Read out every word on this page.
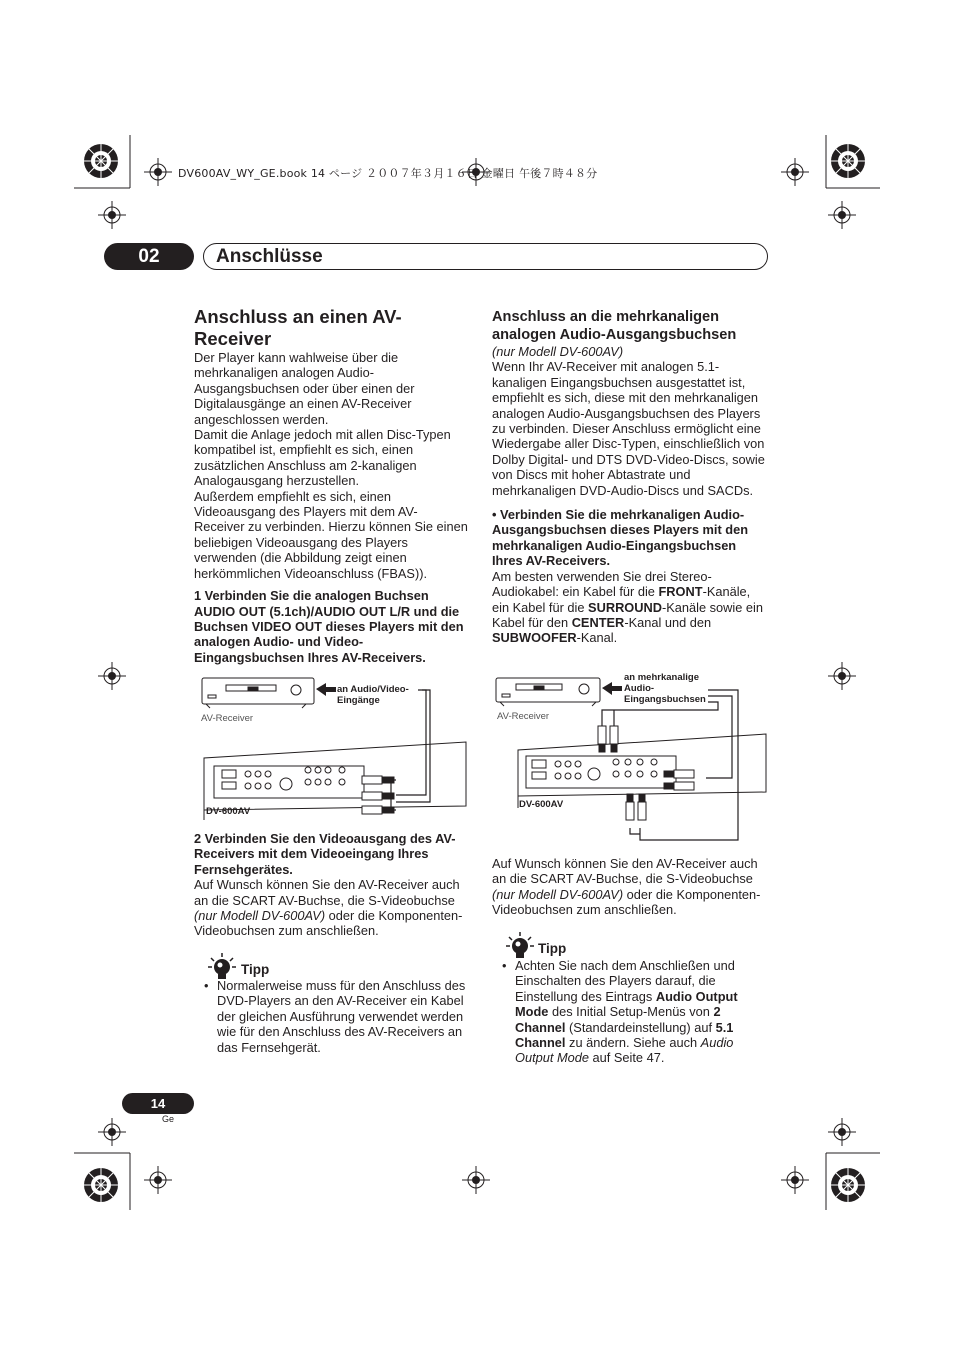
DV600AV_WY_GE.book 14 ページ ２００７年３月１６日 金曜日 午後７時４８分
02	Anschlüsse

Anschluss an einen AV-Receiver

Der Player kann wahlweise über die mehrkanaligen analogen Audio-Ausgangsbuchsen oder über einen der Digitalausgänge an einen AV-Receiver angeschlossen werden.

Damit die Anlage jedoch mit allen Disc-Typen kompatibel ist, empfiehlt es sich, einen zusätzlichen Anschluss am 2-kanaligen Analogausgang herzustellen.

Außerdem empfiehlt es sich, einen Videoausgang des Players mit dem AV-Receiver zu verbinden. Hierzu können Sie einen beliebigen Videoausgang des Players verwenden (die Abbildung zeigt einen herkömmlichen Videoanschluss (FBAS)).

1 Verbinden Sie die analogen Buchsen AUDIO OUT (5.1ch)/AUDIO OUT L/R und die Buchsen VIDEO OUT dieses Players mit den analogen Audio- und Video-Eingangsbuchsen Ihres AV-Receivers.

an Audio/Video-Eingänge
AV-Receiver
DV-600AV

2 Verbinden Sie den Videoausgang des AV-Receivers mit dem Videoeingang Ihres Fernsehgerätes.

Auf Wunsch können Sie den AV-Receiver auch an die SCART AV-Buchse, die S-Videobuchse (nur Modell DV-600AV) oder die Komponenten-Videobuchsen zum anschließen.

Tipp
• Normalerweise muss für den Anschluss des DVD-Players an den AV-Receiver ein Kabel der gleichen Ausführung verwendet werden wie für den Anschluss des AV-Receivers an das Fernsehgerät.

Anschluss an die mehrkanaligen analogen Audio-Ausgangsbuchsen

(nur Modell DV-600AV)

Wenn Ihr AV-Receiver mit analogen 5.1-kanaligen Eingangsbuchsen ausgestattet ist, empfiehlt es sich, diese mit den mehrkanaligen analogen Audio-Ausgangsbuchsen des Players zu verbinden. Dieser Anschluss ermöglicht eine Wiedergabe aller Disc-Typen, einschließlich von Dolby Digital- und DTS DVD-Video-Discs, sowie von Discs mit hoher Abtastrate und mehrkanaligen DVD-Audio-Discs und SACDs.

• Verbinden Sie die mehrkanaligen Audio-Ausgangsbuchsen dieses Players mit den mehrkanaligen Audio-Eingangsbuchsen Ihres AV-Receivers.

Am besten verwenden Sie drei Stereo-Audiokabel: ein Kabel für die FRONT-Kanäle, ein Kabel für die SURROUND-Kanäle sowie ein Kabel für den CENTER-Kanal und den SUBWOOFER-Kanal.

an mehrkanalige Audio-Eingangsbuchsen
AV-Receiver
DV-600AV

Auf Wunsch können Sie den AV-Receiver auch an die SCART AV-Buchse, die S-Videobuchse (nur Modell DV-600AV) oder die Komponenten-Videobuchsen zum anschließen.

Tipp
• Achten Sie nach dem Anschließen und Einschalten des Players darauf, die Einstellung des Eintrags Audio Output Mode des Initial Setup-Menüs von 2 Channel (Standardeinstellung) auf 5.1 Channel zu ändern. Siehe auch Audio Output Mode auf Seite 47.
14
Ge
